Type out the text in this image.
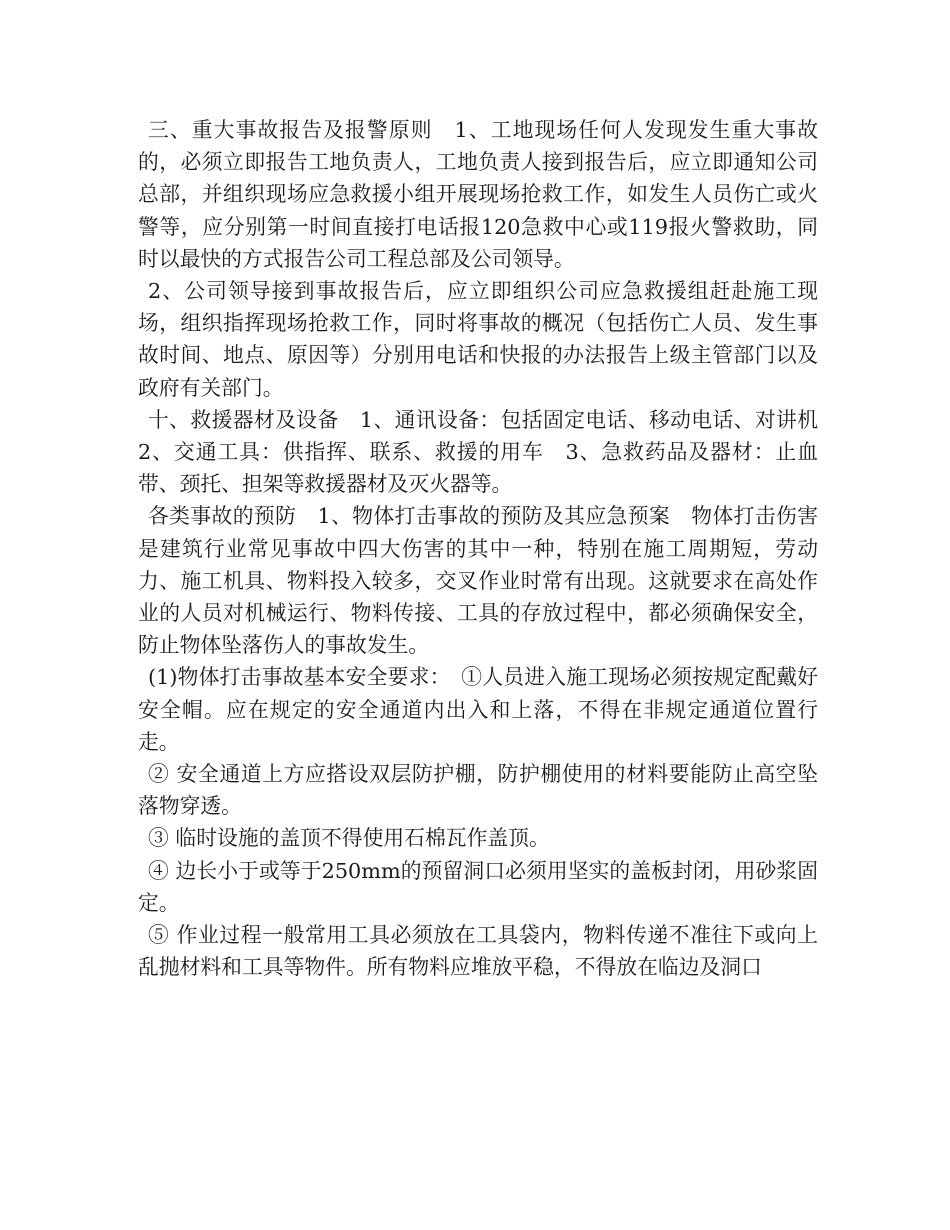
三、重大事故报告及报警原则　1、工地现场任何人发现发生重大事故的，必须立即报告工地负责人，工地负责人接到报告后，应立即通知公司总部，并组织现场应急救援小组开展现场抢救工作，如发生人员伤亡或火警等，应分别第一时间直接打电话报120急救中心或119报火警救助，同时以最快的方式报告公司工程总部及公司领导。

2、公司领导接到事故报告后，应立即组织公司应急救援组赶赴施工现场，组织指挥现场抢救工作，同时将事故的概况（包括伤亡人员、发生事故时间、地点、原因等）分别用电话和快报的办法报告上级主管部门以及政府有关部门。

十、救援器材及设备　1、通讯设备：包括固定电话、移动电话、对讲机　2、交通工具：供指挥、联系、救援的用车　3、急救药品及器材：止血带、颈托、担架等救援器材及灭火器等。

各类事故的预防　1、物体打击事故的预防及其应急预案　物体打击伤害是建筑行业常见事故中四大伤害的其中一种，特别在施工周期短，劳动力、施工机具、物料投入较多，交叉作业时常有出现。这就要求在高处作业的人员对机械运行、物料传接、工具的存放过程中，都必须确保安全，防止物体坠落伤人的事故发生。

(1)物体打击事故基本安全要求：　①人员进入施工现场必须按规定配戴好安全帽。应在规定的安全通道内出入和上落，不得在非规定通道位置行走。

② 安全通道上方应搭设双层防护棚，防护棚使用的材料要能防止高空坠落物穿透。

③ 临时设施的盖顶不得使用石棉瓦作盖顶。

④ 边长小于或等于250mm的预留洞口必须用坚实的盖板封闭，用砂浆固定。

⑤ 作业过程一般常用工具必须放在工具袋内，物料传递不准往下或向上乱抛材料和工具等物件。所有物料应堆放平稳，不得放在临边及洞口
